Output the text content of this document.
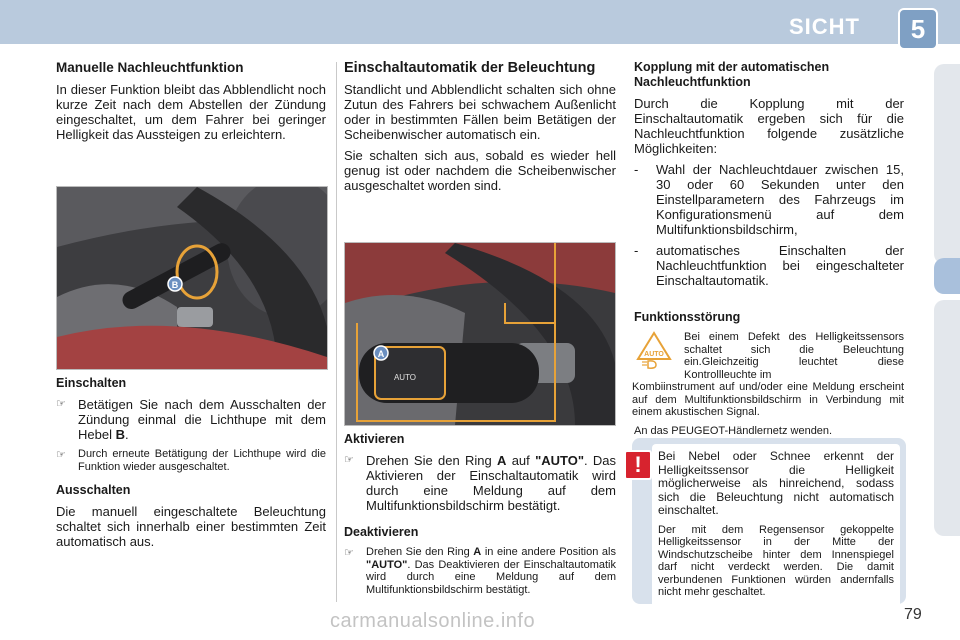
SICHT	5
Manuelle Nachleuchtfunktion

In dieser Funktion bleibt das Abblendlicht noch kurze Zeit nach dem Abstellen der Zündung eingeschaltet, um dem Fahrer bei geringer Helligkeit das Aussteigen zu erleichtern.

B
Einschalten
☞ Betätigen Sie nach dem Ausschalten der Zündung einmal die Lichthupe mit dem Hebel B.
☞	Durch erneute Betätigung der Lichthupe wird die Funktion wieder ausgeschaltet.
Ausschalten

Die manuell eingeschaltete Beleuchtung schaltet sich innerhalb einer bestimmten Zeit automatisch aus.

Einschaltautomatik der Beleuchtung

Standlicht und Abblendlicht schalten sich ohne Zutun des Fahrers bei schwachem Außenlicht oder in bestimmten Fällen beim Betätigen der Scheibenwischer automatisch ein.

Sie schalten sich aus, sobald es wieder hell genug ist oder nachdem die Scheibenwischer ausgeschaltet worden sind.

AUTO
A
Aktivieren
☞ Drehen Sie den Ring A auf "AUTO". Das Aktivieren der Einschaltautomatik wird durch eine Meldung auf dem Multifunktionsbildschirm bestätigt.
Deaktivieren
☞	Drehen Sie den Ring A in eine andere Position als "AUTO". Das Deaktivieren der Einschaltautomatik wird durch eine Meldung auf dem Multifunktionsbildschirm bestätigt.
Kopplung mit der automatischen Nachleuchtfunktion

Durch die Kopplung mit der Einschaltautomatik ergeben sich für die Nachleuchtfunktion folgende zusätzliche Möglichkeiten:

-	Wahl der Nachleuchtdauer zwischen 15, 30 oder 60 Sekunden unter den Einstellparametern des Fahrzeugs im Konfigurationsmenü auf dem Multifunktionsbildschirm,
-	automatisches Einschalten der Nachleuchtfunktion bei eingeschalteter Einschaltautomatik.
Funktionsstörung
AUTO
Bei einem Defekt des Helligkeitssensors schaltet sich die Beleuchtung ein.Gleichzeitig leuchtet diese Kontrollleuchte im

Kombiinstrument auf und/oder eine Meldung erscheint auf dem Multifunktionsbildschirm in Verbindung mit einem akustischen Signal.

An das PEUGEOT-Händlernetz wenden.

!	Bei Nebel oder Schnee erkennt der Helligkeitssensor die Helligkeit möglicherweise als hinreichend, sodass sich die Beleuchtung nicht automatisch einschaltet.

Der mit dem Regensensor gekoppelte Helligkeitssensor in der Mitte der Windschutzscheibe hinter dem Innenspiegel darf nicht verdeckt werden. Die damit verbundenen Funktionen würden andernfalls nicht mehr geschaltet.

carmanualsonline.info	79
